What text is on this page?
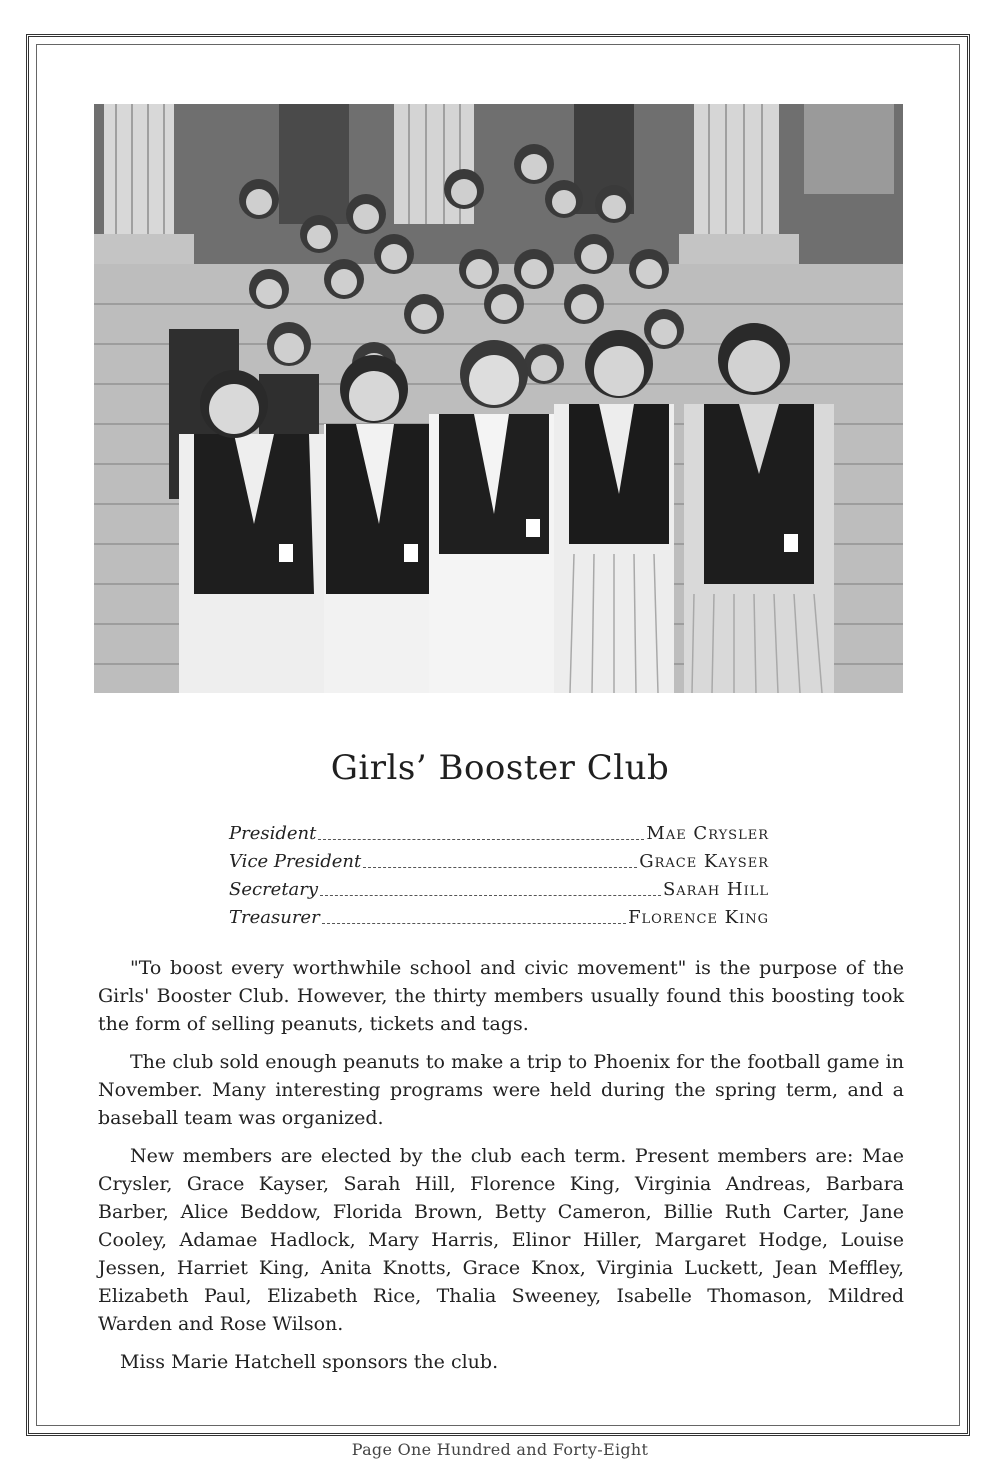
Girls’ Booster Club
President	Mae Crysler
Vice President	Grace Kayser
Secretary	Sarah Hill
Treasurer	Florence King

"To boost every worthwhile school and civic movement" is the purpose of the Girls' Booster Club. However, the thirty members usually found this boosting took the form of selling peanuts, tickets and tags.

The club sold enough peanuts to make a trip to Phoenix for the football game in November. Many interesting programs were held during the spring term, and a baseball team was organized.

New members are elected by the club each term. Present members are: Mae Crysler, Grace Kayser, Sarah Hill, Florence King, Virginia Andreas, Barbara Barber, Alice Beddow, Florida Brown, Betty Cameron, Billie Ruth Carter, Jane Cooley, Adamae Hadlock, Mary Harris, Elinor Hiller, Margaret Hodge, Louise Jessen, Harriet King, Anita Knotts, Grace Knox, Virginia Luckett, Jean Meffley, Elizabeth Paul, Elizabeth Rice, Thalia Sweeney, Isabelle Thomason, Mildred Warden and Rose Wilson.

Miss Marie Hatchell sponsors the club.

Page One Hundred and Forty-Eight
